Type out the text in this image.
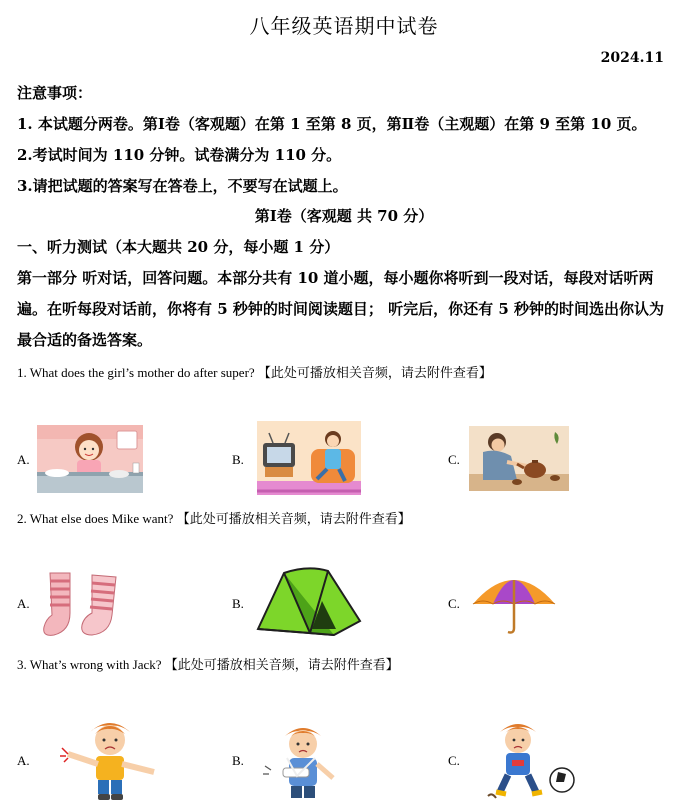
八年级英语期中试卷
2024.11
注意事项：
1. 本试题分两卷。第Ⅰ卷（客观题）在第 1 至第 8 页，第Ⅱ卷（主观题）在第 9 至第 10 页。
2.考试时间为 110 分钟。试卷满分为 110 分。
3.请把试题的答案写在答卷上，不要写在试题上。
第Ⅰ卷（客观题 共 70 分）
一、听力测试（本大题共 20 分，每小题 1 分）
第一部分 听对话，回答问题。本部分共有 10 道小题，每小题你将听到一段对话，每段对话听两遍。在听每段对话前，你将有 5 秒钟的时间阅读题目； 听完后，你还有 5 秒钟的时间选出你认为最合适的备选答案。
1. What does the girl’s mother do after super? 【此处可播放相关音频，请去附件查看】
A.	B.	C.
2. What else does Mike want? 【此处可播放相关音频，请去附件查看】
A.	B.	C.
3. What’s wrong with Jack? 【此处可播放相关音频，请去附件查看】
A.	B.	C.
